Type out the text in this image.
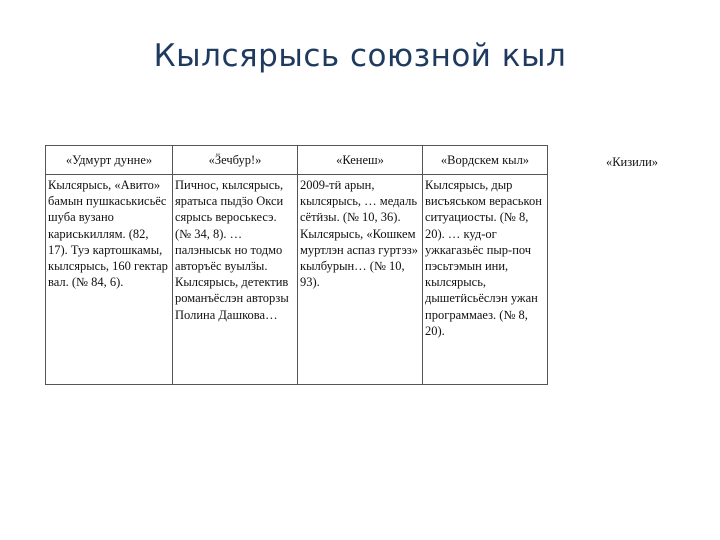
Кылсярысь союзной кыл
«Удмурт дунне»	«Ӟечбур!»	«Кенеш»	«Вордскем кыл»
Кылсярысь, «Авито» бамын пушкаськисьёс шуба вузано кариськиллям. (82, 17). Туэ картошкамы, кылсярысь, 160 гектар вал. (№ 84, 6).	Пичнос, кылсярысь, яратыса пыдӟо Окси сярысь вероськесэ. (№ 34, 8). … палэныськ но тодмо авторъёс вуылӟы. Кылсярысь, детектив романъёслэн авторзы Полина Дашкова…	2009-тӥ арын, кылсярысь, … медаль сётӥзы. (№ 10, 36). Кылсярысь, «Кошкем муртлэн аспаз гуртэз» кылбурын… (№ 10, 93).	Кылсярысь, дыр висъяськом вераськон ситуациосты. (№ 8, 20). … куд-ог ужкагазьёс пыр-поч пэсьтэмын ини, кылсярысь, дышетӥсьёслэн ужан программаез. (№ 8, 20).
«Кизили»
